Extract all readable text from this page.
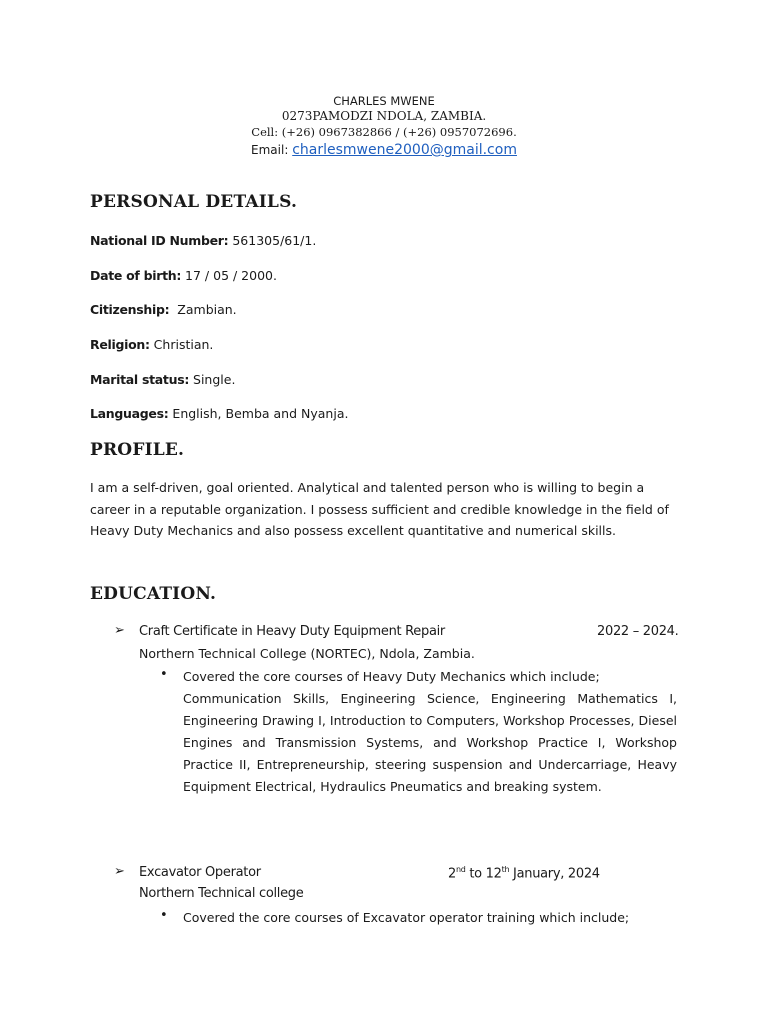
CHARLES MWENE
0273PAMODZI NDOLA, ZAMBIA.
Cell: (+26) 0967382866 / (+26) 0957072696.
Email: charlesmwene2000@gmail.com
PERSONAL DETAILS.
National ID Number: 561305/61/1.
Date of birth: 17 / 05 / 2000.
Citizenship:  Zambian.
Religion: Christian.
Marital status: Single.
Languages: English, Bemba and Nyanja.
PROFILE.
I am a self-driven, goal oriented. Analytical and talented person who is willing to begin a career in a reputable organization. I possess sufficient and credible knowledge in the field of Heavy Duty Mechanics and also possess excellent quantitative and numerical skills.
EDUCATION.
➢ Craft Certificate in Heavy Duty Equipment Repair	2022 – 2024.
Northern Technical College (NORTEC), Ndola, Zambia.
• Covered the core courses of Heavy Duty Mechanics which include;
Communication Skills, Engineering Science, Engineering Mathematics I, Engineering Drawing I, Introduction to Computers, Workshop Processes, Diesel Engines and Transmission Systems, and Workshop Practice I, Workshop Practice II, Entrepreneurship, steering suspension and Undercarriage, Heavy Equipment Electrical, Hydraulics Pneumatics and breaking system.
➢ Excavator Operator	2nd to 12th January, 2024
Northern Technical college
• Covered the core courses of Excavator operator training which include;
